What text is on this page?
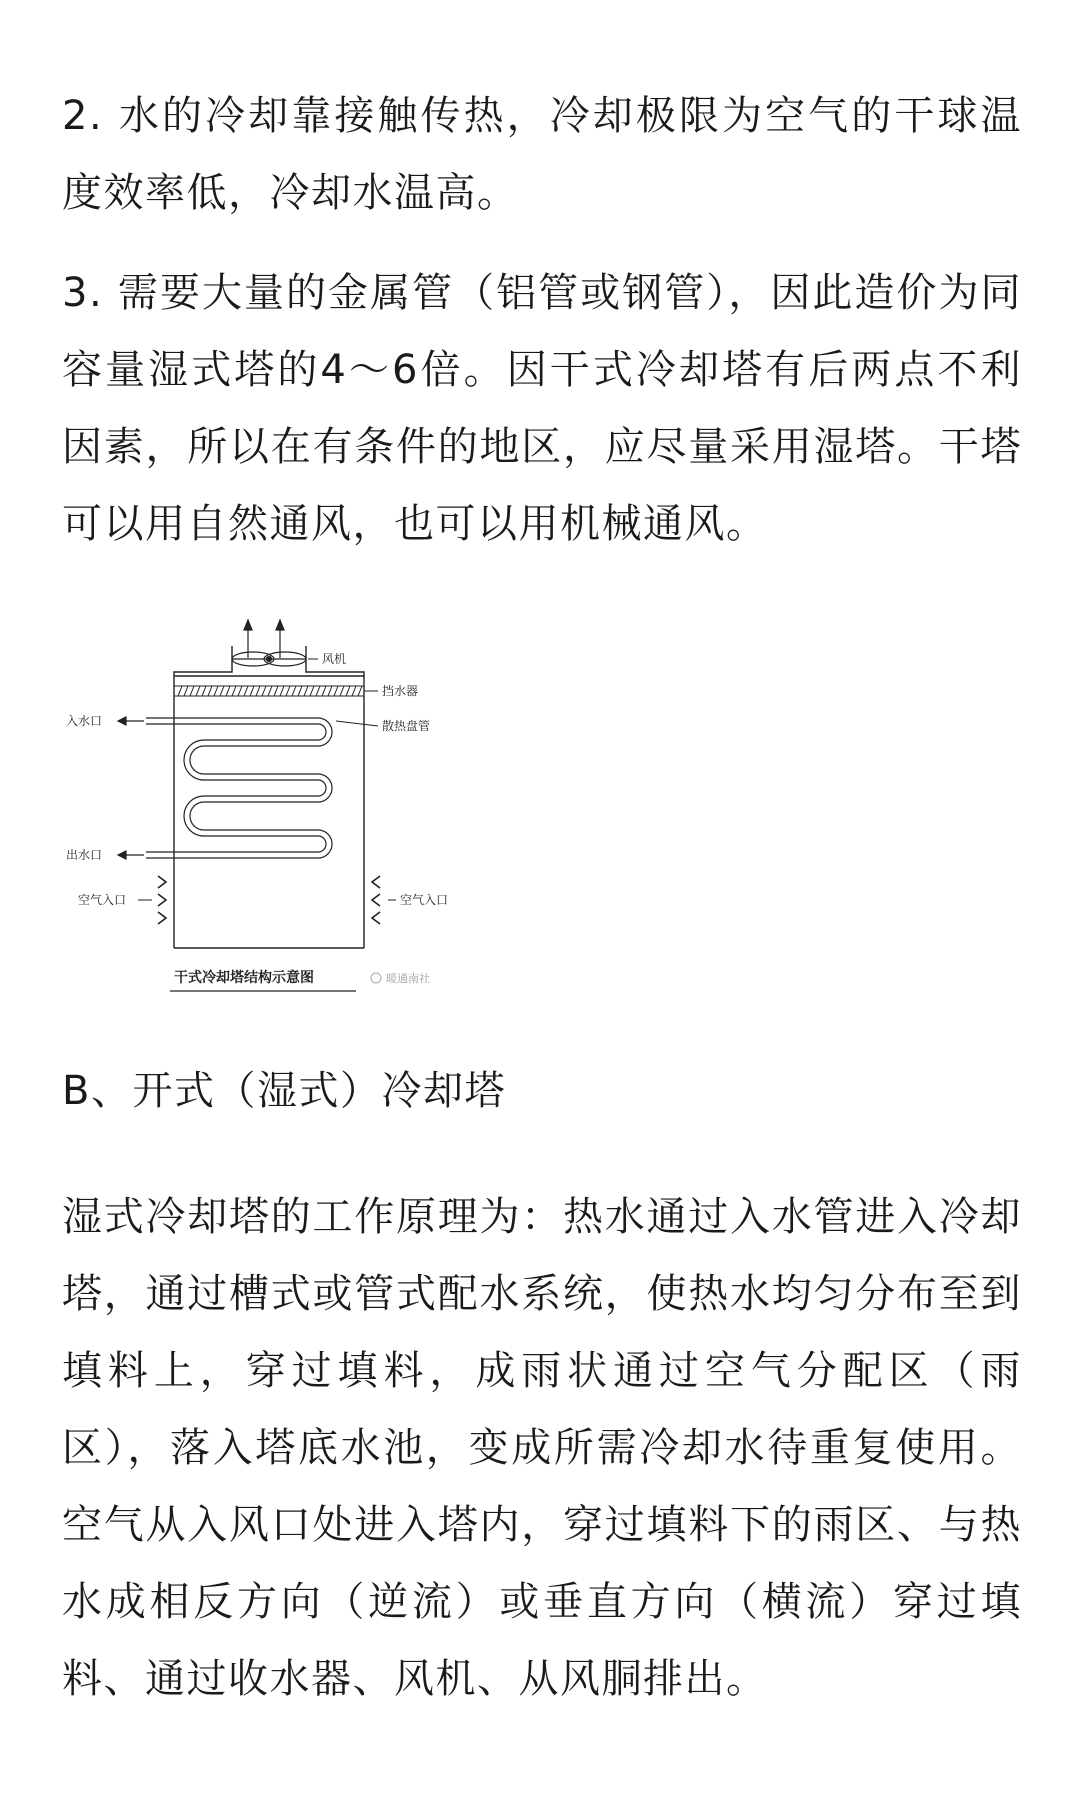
2. 水的冷却靠接触传热，冷却极限为空气的干球温度效率低，冷却水温高。

3. 需要大量的金属管（铝管或钢管），因此造价为同容量湿式塔的4～6倍。因干式冷却塔有后两点不利因素，所以在有条件的地区，应尽量采用湿塔。干塔可以用自然通风，也可以用机械通风。

风机
挡水器
散热盘管
入水口
出水口
空气入口	空气入口
干式冷却塔结构示意图	暖通南社

B、开式（湿式）冷却塔

湿式冷却塔的工作原理为：热水通过入水管进入冷却塔，通过槽式或管式配水系统，使热水均匀分布至到填料上，穿过填料，成雨状通过空气分配区（雨区），落入塔底水池，变成所需冷却水待重复使用。空气从入风口处进入塔内，穿过填料下的雨区、与热水成相反方向（逆流）或垂直方向（横流）穿过填料、通过收水器、风机、从风胴排出。
